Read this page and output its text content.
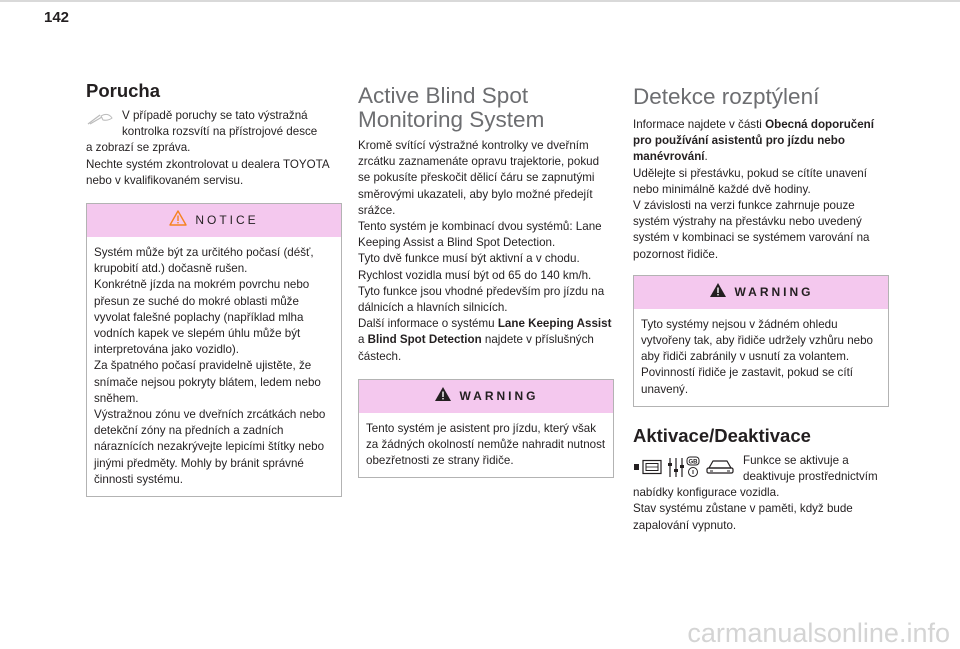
142
Porucha

V případě poruchy se tato výstražná kontrolka rozsvítí na přístrojové desce

a zobrazí se zpráva.

Nechte systém zkontrolovat u dealera TOYOTA nebo v kvalifikovaném servisu.

NOTICE

Systém může být za určitého počasí (déšť, krupobití atd.) dočasně rušen.

Konkrétně jízda na mokrém povrchu nebo přesun ze suché do mokré oblasti může vyvolat falešné poplachy (například mlha vodních kapek ve slepém úhlu může být interpretována jako vozidlo).

Za špatného počasí pravidelně ujistěte, že snímače nejsou pokryty blátem, ledem nebo sněhem.

Výstražnou zónu ve dveřních zrcátkách nebo detekční zóny na předních a zadních náraznících nezakrývejte lepicími štítky nebo jinými předměty. Mohly by bránit správné činnosti systému.

Active Blind Spot Monitoring System

Kromě svítící výstražné kontrolky ve dveřním zrcátku zaznamenáte opravu trajektorie, pokud se pokusíte přeskočit dělicí čáru se zapnutými směrovými ukazateli, aby bylo možné předejít srážce.

Tento systém je kombinací dvou systémů: Lane Keeping Assist a Blind Spot Detection.

Tyto dvě funkce musí být aktivní a v chodu.

Rychlost vozidla musí být od 65 do 140 km/h.

Tyto funkce jsou vhodné především pro jízdu na dálnicích a hlavních silnicích.

Další informace o systému Lane Keeping Assist a Blind Spot Detection najdete v příslušných částech.

WARNING

Tento systém je asistent pro jízdu, který však za žádných okolností nemůže nahradit nutnost obezřetnosti ze strany řidiče.

Detekce rozptýlení

Informace najdete v části Obecná doporučení pro používání asistentů pro jízdu nebo manévrování.

Udělejte si přestávku, pokud se cítíte unavení nebo minimálně každé dvě hodiny.

V závislosti na verzi funkce zahrnuje pouze systém výstrahy na přestávku nebo uvedený systém v kombinaci se systémem varování na pozornost řidiče.

WARNING

Tyto systémy nejsou v žádném ohledu vytvořeny tak, aby řidiče udržely vzhůru nebo aby řidiči zabránily v usnutí za volantem. Povinností řidiče je zastavit, pokud se cítí unavený.

Aktivace/Deaktivace
GB	Funkce se aktivuje a deaktivuje prostřednictvím

nabídky konfigurace vozidla.

Stav systému zůstane v paměti, když bude zapalování vypnuto.

carmanualsonline.info
